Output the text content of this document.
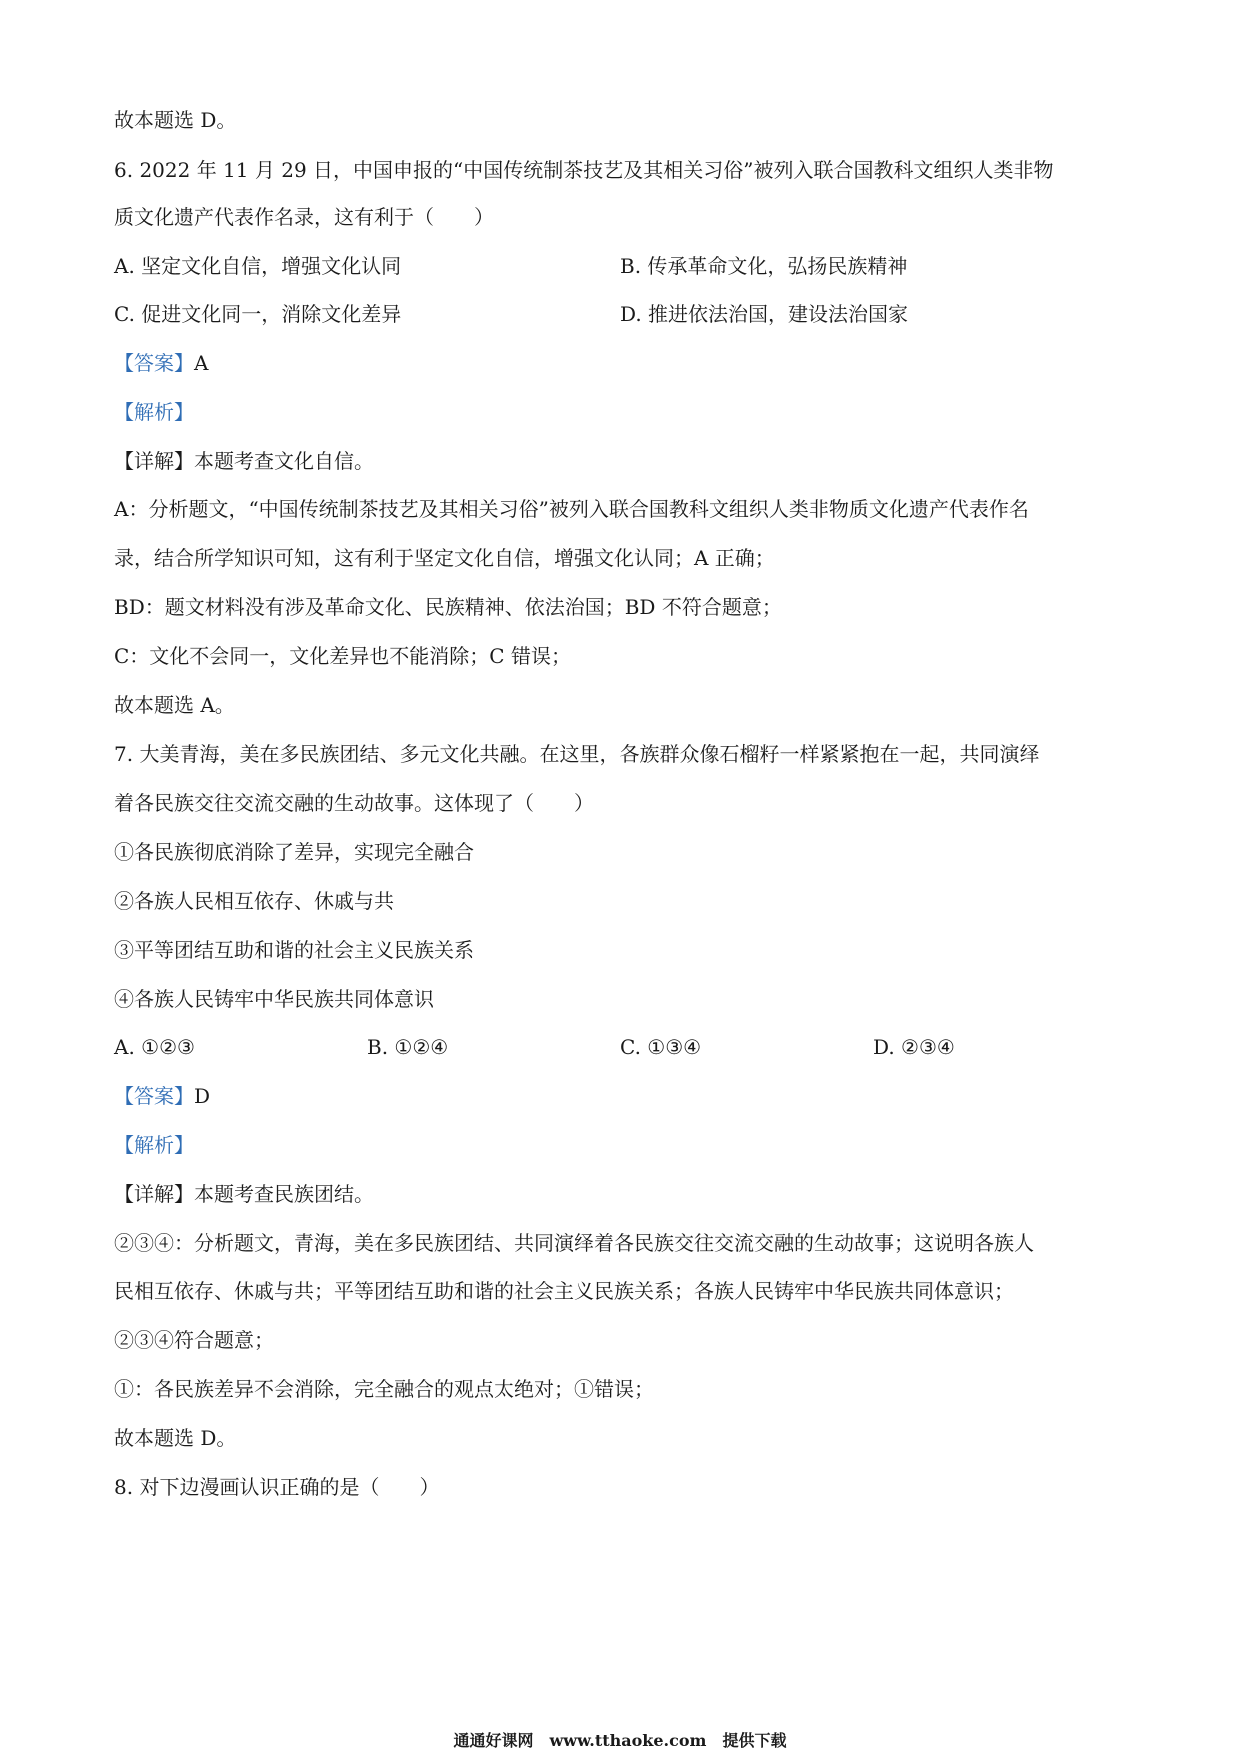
故本题选 D。
6. 2022 年 11 月 29 日，中国申报的“中国传统制茶技艺及其相关习俗”被列入联合国教科文组织人类非物
质文化遗产代表作名录，这有利于（　　）
A. 坚定文化自信，增强文化认同	B. 传承革命文化，弘扬民族精神
C. 促进文化同一，消除文化差异	D. 推进依法治国，建设法治国家
【答案】A
【解析】
【详解】本题考查文化自信。
A：分析题文，“中国传统制茶技艺及其相关习俗”被列入联合国教科文组织人类非物质文化遗产代表作名
录，结合所学知识可知，这有利于坚定文化自信，增强文化认同；A 正确；
BD：题文材料没有涉及革命文化、民族精神、依法治国；BD 不符合题意；
C：文化不会同一，文化差异也不能消除；C 错误；
故本题选 A。
7. 大美青海，美在多民族团结、多元文化共融。在这里，各族群众像石榴籽一样紧紧抱在一起，共同演绎
着各民族交往交流交融的生动故事。这体现了（　　）
①各民族彻底消除了差异，实现完全融合
②各族人民相互依存、休戚与共
③平等团结互助和谐的社会主义民族关系
④各族人民铸牢中华民族共同体意识
A. ①②③	B. ①②④	C. ①③④	D. ②③④
【答案】D
【解析】
【详解】本题考查民族团结。
②③④：分析题文，青海，美在多民族团结、共同演绎着各民族交往交流交融的生动故事；这说明各族人
民相互依存、休戚与共；平等团结互助和谐的社会主义民族关系；各族人民铸牢中华民族共同体意识；
②③④符合题意；
①：各民族差异不会消除，完全融合的观点太绝对；①错误；
故本题选 D。
8. 对下边漫画认识正确的是（　　）
通通好课网　www.tthaoke.com　提供下载
